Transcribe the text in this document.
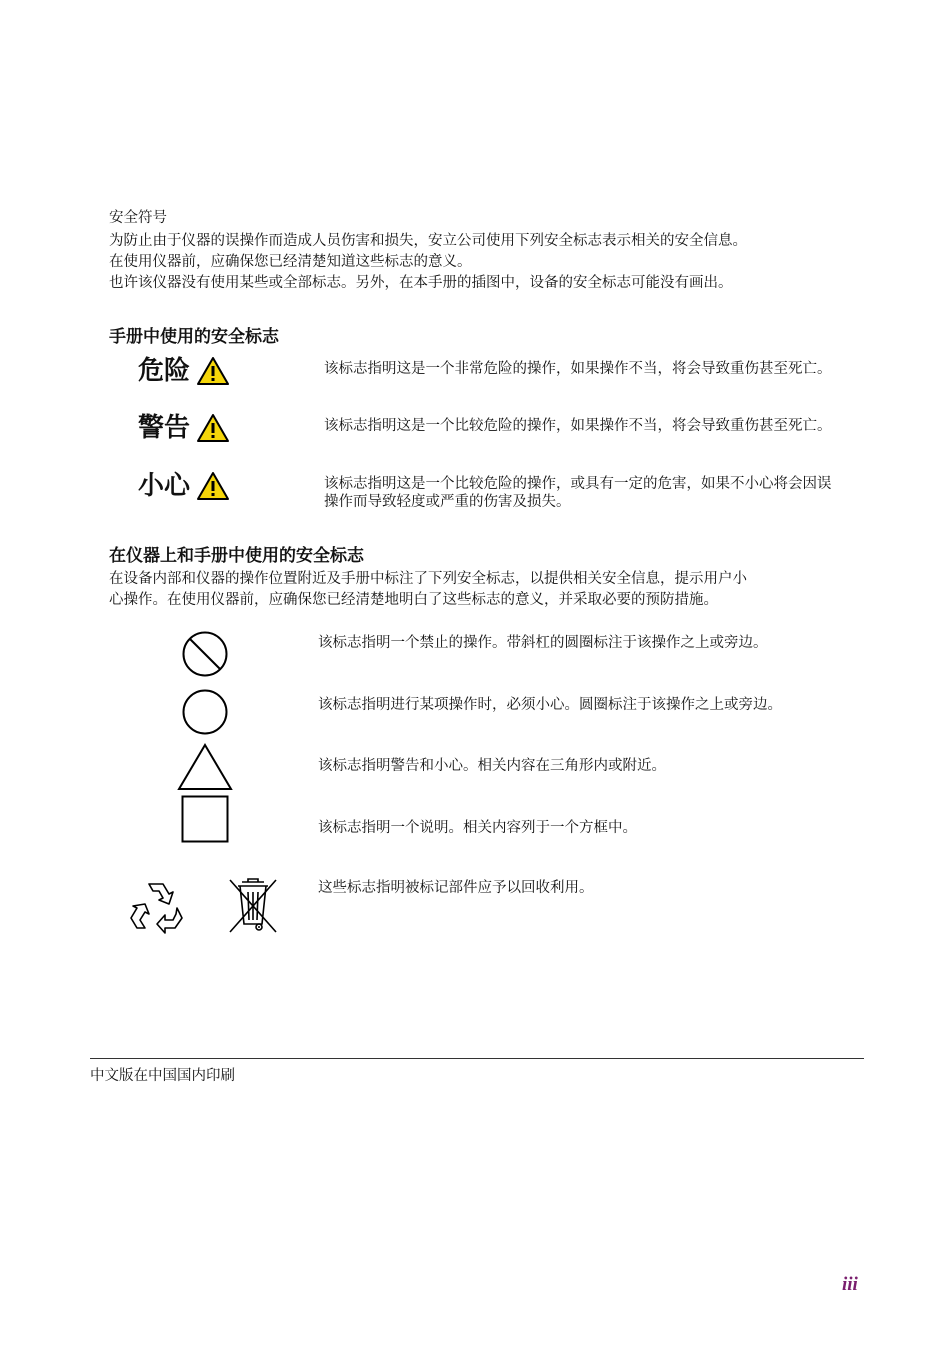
安全符号
为防止由于仪器的误操作而造成人员伤害和损失，安立公司使用下列安全标志表示相关的安全信息。
在使用仪器前，应确保您已经清楚知道这些标志的意义。
也许该仪器没有使用某些或全部标志。另外，在本手册的插图中，设备的安全标志可能没有画出。
手册中使用的安全标志
危险	该标志指明这是一个非常危险的操作，如果操作不当，将会导致重伤甚至死亡。
警告	该标志指明这是一个比较危险的操作，如果操作不当，将会导致重伤甚至死亡。
小心	该标志指明这是一个比较危险的操作，或具有一定的危害，如果不小心将会因误操作而导致轻度或严重的伤害及损失。
在仪器上和手册中使用的安全标志
在设备内部和仪器的操作位置附近及手册中标注了下列安全标志，以提供相关安全信息，提示用户小
心操作。在使用仪器前，应确保您已经清楚地明白了这些标志的意义，并采取必要的预防措施。
该标志指明一个禁止的操作。带斜杠的圆圈标注于该操作之上或旁边。
该标志指明进行某项操作时，必须小心。圆圈标注于该操作之上或旁边。
该标志指明警告和小心。相关内容在三角形内或附近。
该标志指明一个说明。相关内容列于一个方框中。
这些标志指明被标记部件应予以回收利用。
中文版在中国国内印刷
iii
